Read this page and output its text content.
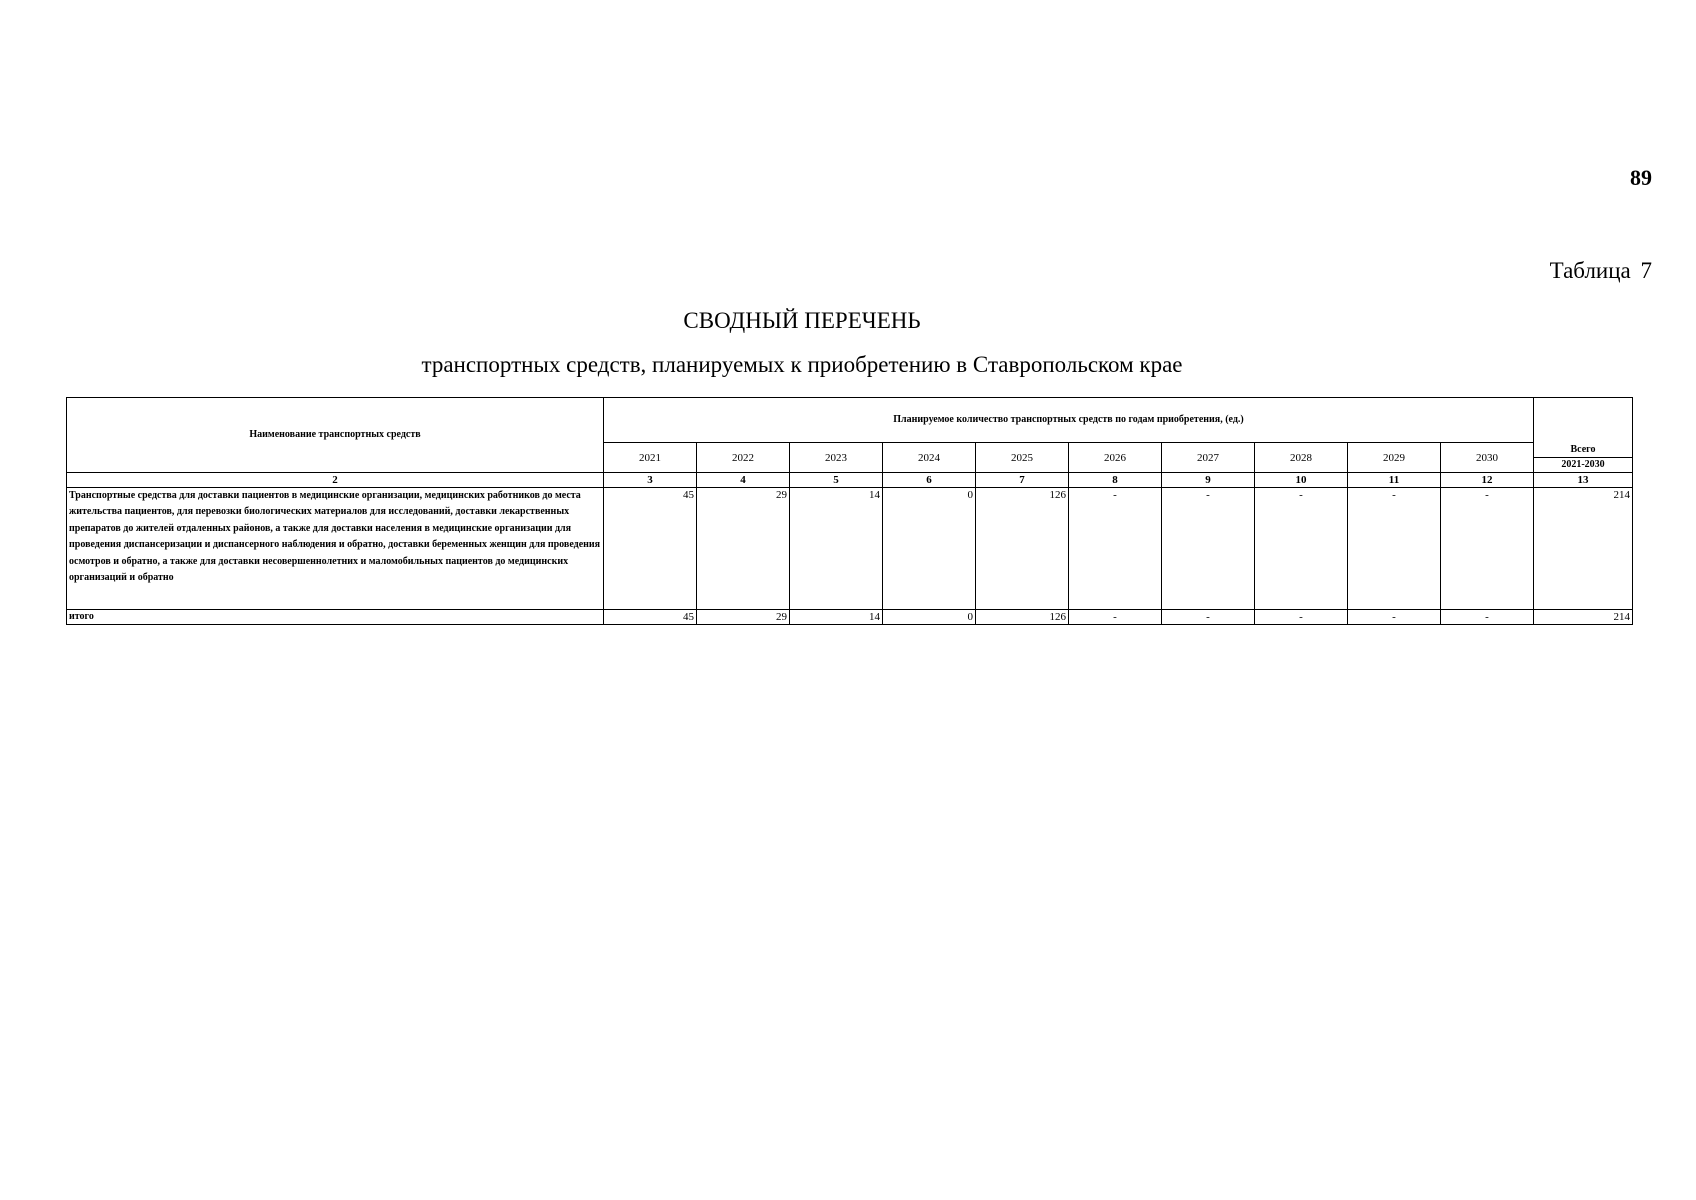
89
Таблица 7
СВОДНЫЙ ПЕРЕЧЕНЬ
транспортных средств, планируемых к приобретению в Ставропольском крае
Наименование транспортных средств	Планируемое количество транспортных средств по годам приобретения, (ед.)										Всего
2021-2030

	2021	2022	2023	2024	2025	2026	2027	2028	2029	2030	
2	3	4	5	6	7	8	9	10	11	12	13
Транспортные средства для доставки пациентов в медицинские организации, медицинских работников до места жительства пациентов, для перевозки биологических материалов для исследований, доставки лекарственных препаратов до жителей отдаленных районов, а также для доставки населения в медицинские организации для проведения диспансеризации и диспансерного наблюдения и обратно, доставки беременных женщин для проведения осмотров и обратно, а также для доставки несовершеннолетних и маломобильных пациентов до медицинских организаций и обратно	45	29	14	0	126	-	-	-	-	-	214
итого	45	29	14	0	126	-	-	-	-	-	214
